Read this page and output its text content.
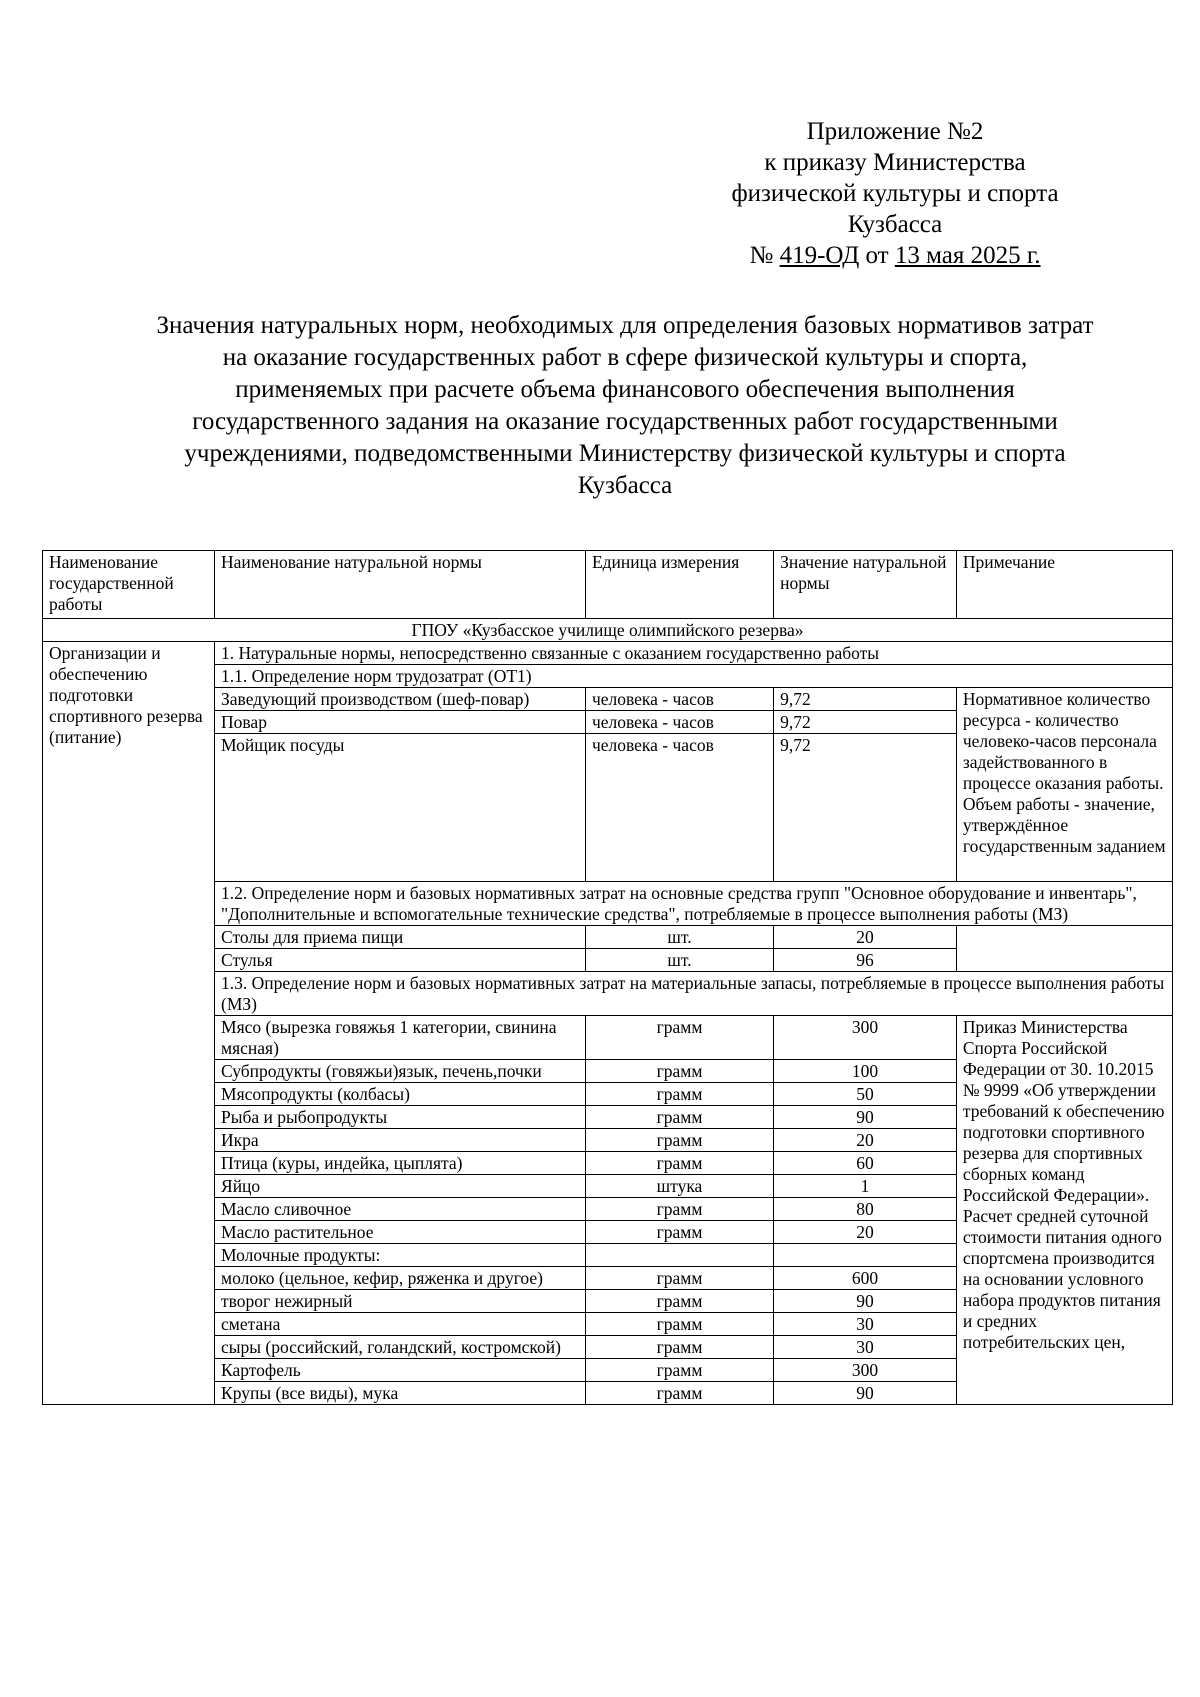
Приложение №2
к приказу Министерства
физической культуры и спорта
Кузбасса
№ 419-ОД от 13 мая 2025 г.
Значения натуральных норм, необходимых для определения базовых нормативов затрат на оказание государственных работ в сфере физической культуры и спорта, применяемых при расчете объема финансового обеспечения выполнения государственного задания на оказание государственных работ государственными учреждениями, подведомственными Министерству физической культуры и спорта Кузбасса
Наименование государственной работы	Наименование натуральной нормы	Единица измерения	Значение натуральной нормы	Примечание
ГПОУ «Кузбасское училище олимпийского резерва»				
Организации и обеспечению подготовки спортивного резерва (питание)	1. Натуральные нормы, непосредственно связанные с оказанием государственно работы			
	1.1. Определение норм трудозатрат (ОТ1)			
	Заведующий производством (шеф-повар)	человека - часов	9,72	Нормативное количество ресурса - количество человеко-часов персонала задействованного в процессе оказания работы. Объем работы - значение, утверждённое государственным заданием
	Повар	человека - часов	9,72	
	Мойщик посуды	человека - часов	9,72	
	1.2. Определение норм и базовых нормативных затрат на основные средства групп "Основное оборудование и инвентарь", "Дополнительные и вспомогательные технические средства", потребляемые в процессе выполнения работы (МЗ)			
	Столы для приема пищи	шт.	20	
	Стулья	шт.	96	
	1.3. Определение норм и базовых нормативных затрат на материальные запасы, потребляемые в процессе выполнения работы (МЗ)			
	Мясо (вырезка говяжья 1 категории, свинина мясная)	грамм	300	Приказ Министерства Спорта Российской Федерации от 30. 10.2015 № 9999 «Об утверждении требований к обеспечению подготовки спортивного резерва для спортивных сборных команд Российской Федерации». Расчет средней суточной стоимости питания одного спортсмена производится на основании условного набора продуктов питания и средних потребительских цен,
	Субпродукты (говяжьи)язык, печень,почки	грамм	100	
	Мясопродукты (колбасы)	грамм	50	
	Рыба и рыбопродукты	грамм	90	
	Икра	грамм	20	
	Птица (куры, индейка, цыплята)	грамм	60	
	Яйцо	штука	1	
	Масло сливочное	грамм	80	
	Масло растительное	грамм	20	
	Молочные продукты:			
	молоко (цельное, кефир, ряженка и другое)	грамм	600	
	творог нежирный	грамм	90	
	сметана	грамм	30	
	сыры (российский, голандский, костромской)	грамм	30	
	Картофель	грамм	300	
	Крупы (все виды), мука	грамм	90	
